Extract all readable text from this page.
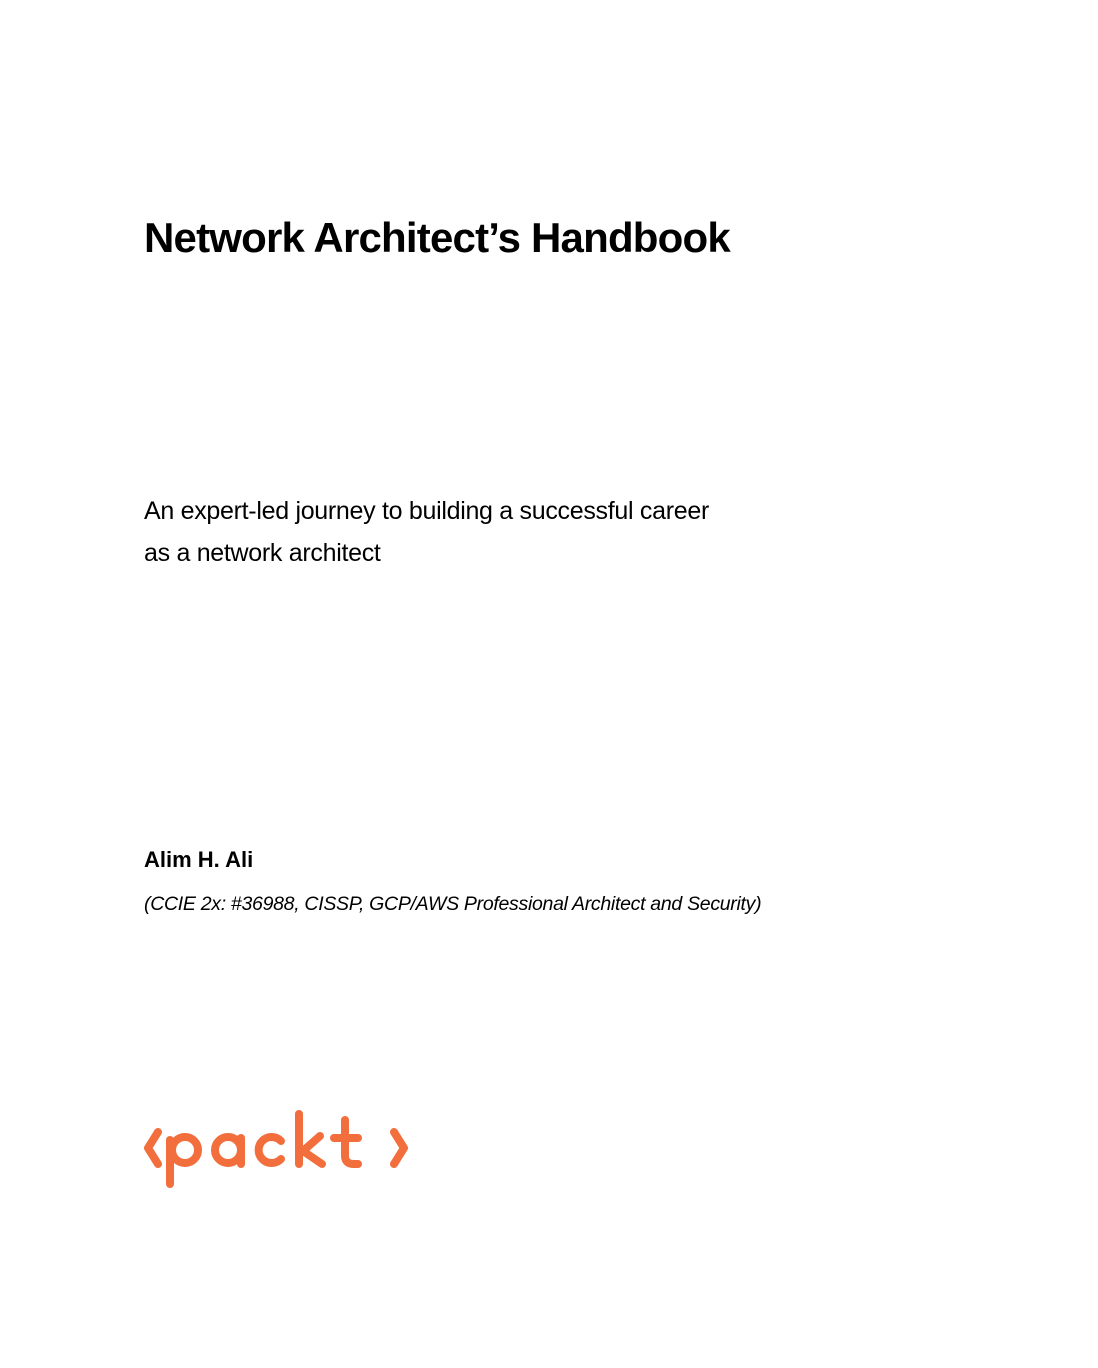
Network Architect’s Handbook
An expert-led journey to building a successful career
as a network architect
Alim H. Ali
(CCIE 2x: #36988, CISSP, GCP/AWS Professional Architect and Security)
